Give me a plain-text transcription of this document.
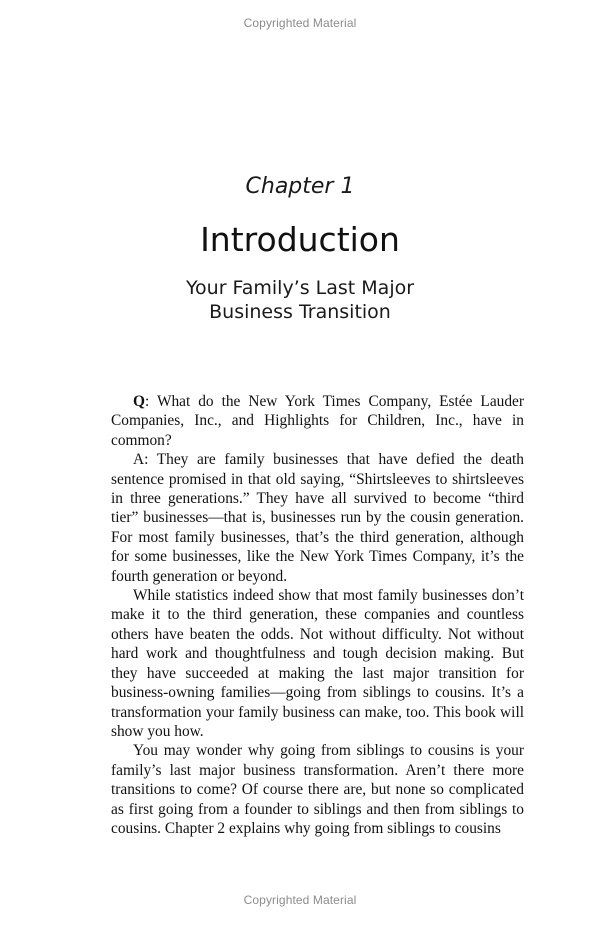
Copyrighted Material
Chapter 1
Introduction
Your Family’s Last Major
Business Transition

Q: What do the New York Times Company, Estée Lauder Companies, Inc., and Highlights for Children, Inc., have in common?

A: They are family businesses that have defied the death sentence promised in that old saying, “Shirtsleeves to shirtsleeves in three generations.” They have all survived to become “third tier” businesses—that is, businesses run by the cousin generation. For most family businesses, that’s the third generation, although for some businesses, like the New York Times Company, it’s the fourth generation or beyond.

While statistics indeed show that most family businesses don’t make it to the third generation, these companies and countless others have beaten the odds. Not without difficulty. Not without hard work and thoughtfulness and tough decision making. But they have succeeded at making the last major transition for business-owning families—going from siblings to cousins. It’s a transformation your family business can make, too. This book will show you how.

You may wonder why going from siblings to cousins is your family’s last major business transformation. Aren’t there more transitions to come? Of course there are, but none so complicated as first going from a founder to siblings and then from siblings to cousins. Chapter 2 explains why going from siblings to cousins

Copyrighted Material
